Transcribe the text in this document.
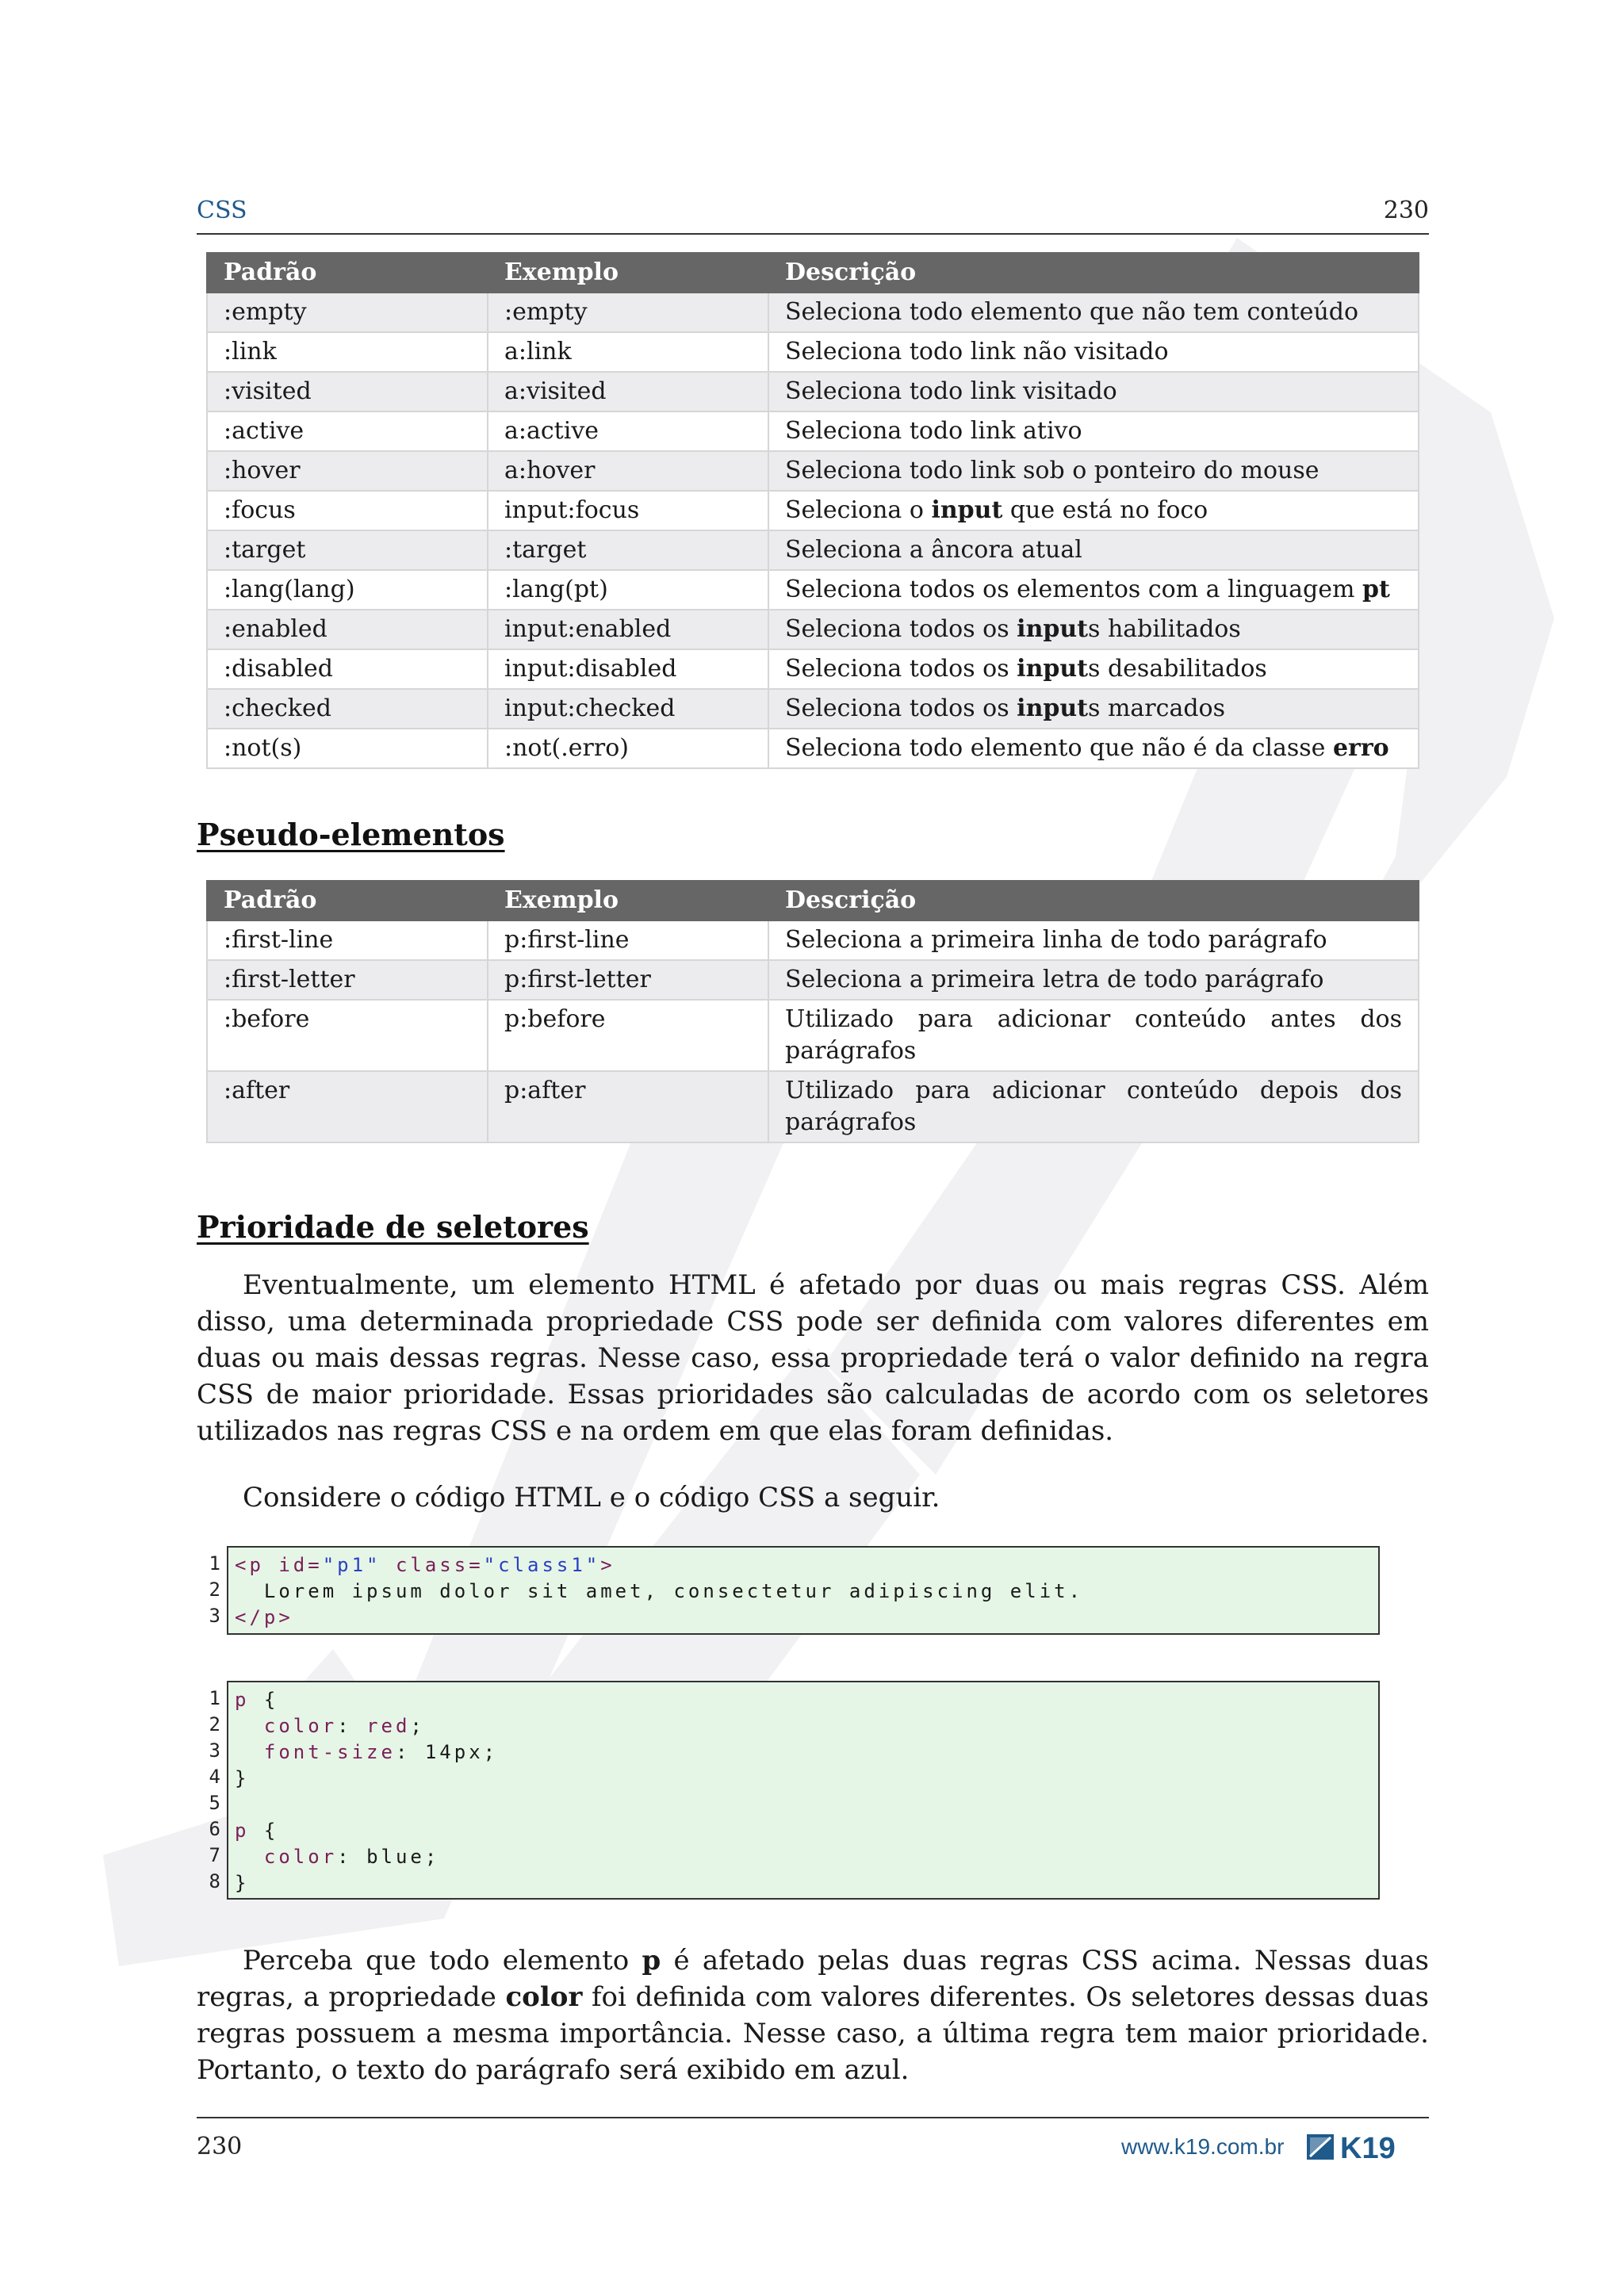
CSS	230
Padrão	Exemplo	Descrição
:empty	:empty	Seleciona todo elemento que não tem conteúdo
:link	a:link	Seleciona todo link não visitado
:visited	a:visited	Seleciona todo link visitado
:active	a:active	Seleciona todo link ativo
:hover	a:hover	Seleciona todo link sob o ponteiro do mouse
:focus	input:focus	Seleciona o input que está no foco
:target	:target	Seleciona a âncora atual
:lang(lang)	:lang(pt)	Seleciona todos os elementos com a linguagem pt
:enabled	input:enabled	Seleciona todos os inputs habilitados
:disabled	input:disabled	Seleciona todos os inputs desabilitados
:checked	input:checked	Seleciona todos os inputs marcados
:not(s)	:not(.erro)	Seleciona todo elemento que não é da classe erro
Pseudo-elementos
Padrão	Exemplo	Descrição
:first-line	p:first-line	Seleciona a primeira linha de todo parágrafo
:first-letter	p:first-letter	Seleciona a primeira letra de todo parágrafo
:before	p:before	Utilizado para adicionar conteúdo antes dos parágrafos
:after	p:after	Utilizado para adicionar conteúdo depois dos parágrafos
Prioridade de seletores

Eventualmente, um elemento HTML é afetado por duas ou mais regras CSS. Além disso, uma determinada propriedade CSS pode ser definida com valores diferentes em duas ou mais dessas regras. Nesse caso, essa propriedade terá o valor definido na regra CSS de maior prioridade. Essas prioridades são calculadas de acordo com os seletores utilizados nas regras CSS e na ordem em que elas foram definidas.

Considere o código HTML e o código CSS a seguir.

1
2
3
<p id="p1" class="class1">
Lorem ipsum dolor sit amet, consectetur adipiscing elit.
</p>
1
2
3
4
5
6
7
8
p {
color: red;
font-size: 14px;
}
p {
color: blue;
}

Perceba que todo elemento p é afetado pelas duas regras CSS acima. Nessas duas regras, a propriedade color foi definida com valores diferentes. Os seletores dessas duas regras possuem a mesma importância. Nesse caso, a última regra tem maior prioridade. Portanto, o texto do parágrafo será exibido em azul.

230	www.k19.com.br K19
